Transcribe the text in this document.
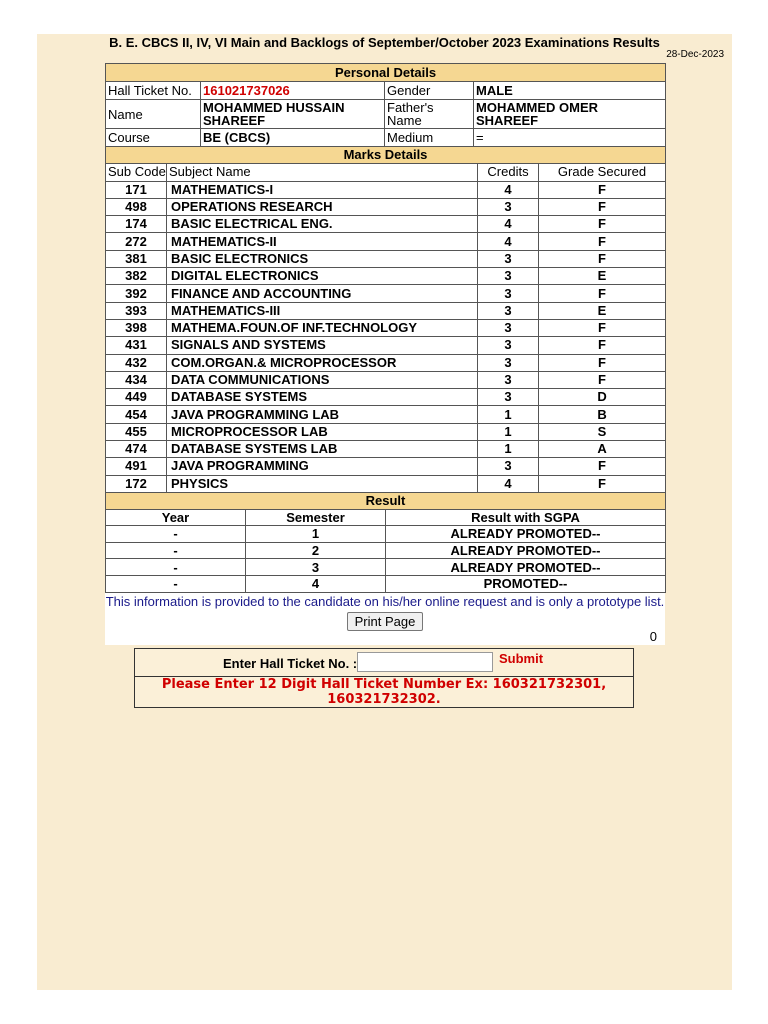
B. E. CBCS II, IV, VI Main and Backlogs of September/October 2023 Examinations Results
28-Dec-2023
Personal Details			
Hall Ticket No.	161021737026	Gender	MALE
Name	MOHAMMED HUSSAIN SHAREEF	Father's Name	MOHAMMED OMER SHAREEF
Course	BE (CBCS)	Medium	=
Marks Details			
Sub Code	Subject Name	Credits	Grade Secured
171	MATHEMATICS-I	4	F
498	OPERATIONS RESEARCH	3	F
174	BASIC ELECTRICAL ENG.	4	F
272	MATHEMATICS-II	4	F
381	BASIC ELECTRONICS	3	F
382	DIGITAL ELECTRONICS	3	E
392	FINANCE AND ACCOUNTING	3	F
393	MATHEMATICS-III	3	E
398	MATHEMA.FOUN.OF INF.TECHNOLOGY	3	F
431	SIGNALS AND SYSTEMS	3	F
432	COM.ORGAN.& MICROPROCESSOR	3	F
434	DATA COMMUNICATIONS	3	F
449	DATABASE SYSTEMS	3	D
454	JAVA PROGRAMMING LAB	1	B
455	MICROPROCESSOR LAB	1	S
474	DATABASE SYSTEMS LAB	1	A
491	JAVA PROGRAMMING	3	F
172	PHYSICS	4	F
Result		
Year	Semester	Result with SGPA
-	1	ALREADY PROMOTED--
-	2	ALREADY PROMOTED--
-	3	ALREADY PROMOTED--
-	4	PROMOTED--
This information is provided to the candidate on his/her online request and is only a prototype list.
Print Page
0
Enter Hall Ticket No. :	Submit
Please Enter 12 Digit Hall Ticket Number Ex: 160321732301, 160321732302.
